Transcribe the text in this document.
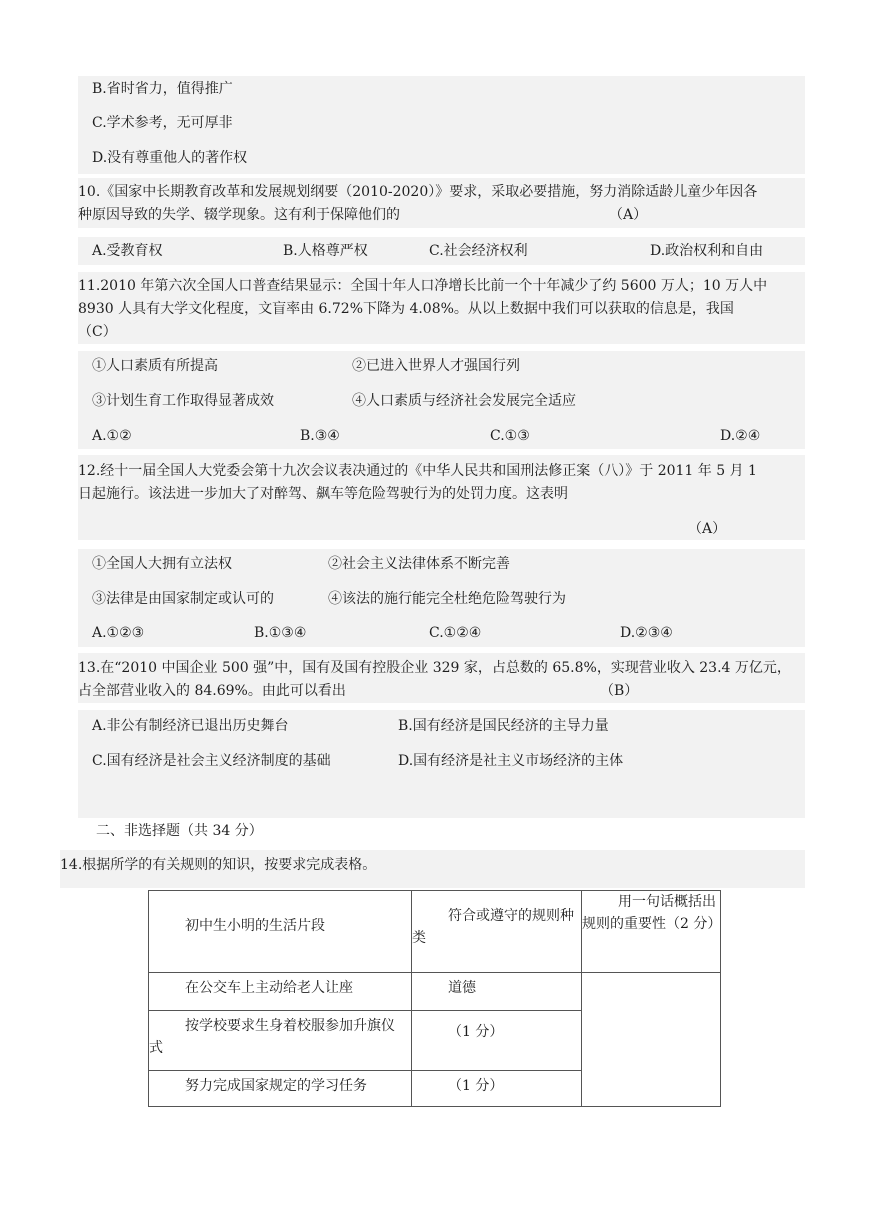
B.省时省力，值得推广
C.学术参考，无可厚非
D.没有尊重他人的著作权
10.《国家中长期教育改革和发展规划纲要（2010-2020）》要求，采取必要措施，努力消除适龄儿童少年因各
种原因导致的失学、辍学现象。这有利于保障他们的	（A）
A.受教育权	B.人格尊严权	C.社会经济权利	D.政治权利和自由
11.2010 年第六次全国人口普查结果显示：全国十年人口净增长比前一个十年减少了约 5600 万人；10 万人中
8930 人具有大学文化程度，文盲率由 6.72%下降为 4.08%。从以上数据中我们可以获取的信息是，我国
（C）
①人口素质有所提高	②已进入世界人才强国行列
③计划生育工作取得显著成效	④人口素质与经济社会发展完全适应
A.①②	B.③④	C.①③	D.②④
12.经十一届全国人大党委会第十九次会议表决通过的《中华人民共和国刑法修正案（八）》于 2011 年 5 月 1
日起施行。该法进一步加大了对醉驾、飙车等危险驾驶行为的处罚力度。这表明
（A）
①全国人大拥有立法权	②社会主义法律体系不断完善
③法律是由国家制定或认可的	④该法的施行能完全杜绝危险驾驶行为
A.①②③	B.①③④	C.①②④	D.②③④
13.在“2010 中国企业 500 强”中，国有及国有控股企业 329 家，占总数的 65.8%，实现营业收入 23.4 万亿元，
占全部营业收入的 84.69%。由此可以看出	（B）
A.非公有制经济已退出历史舞台	B.国有经济是国民经济的主导力量
C.国有经济是社会主义经济制度的基础	D.国有经济是社主义市场经济的主体
二、非选择题（共 34 分）
14.根据所学的有关规则的知识，按要求完成表格。
初中生小明的生活片段	符合或遵守的规则种类	用一句话概括出规则的重要性（2 分）

在公交车上主动给老人让座	道德	

按学校要求生身着校服参加升旗仪式	（1 分）	

努力完成国家规定的学习任务	（1 分）	
